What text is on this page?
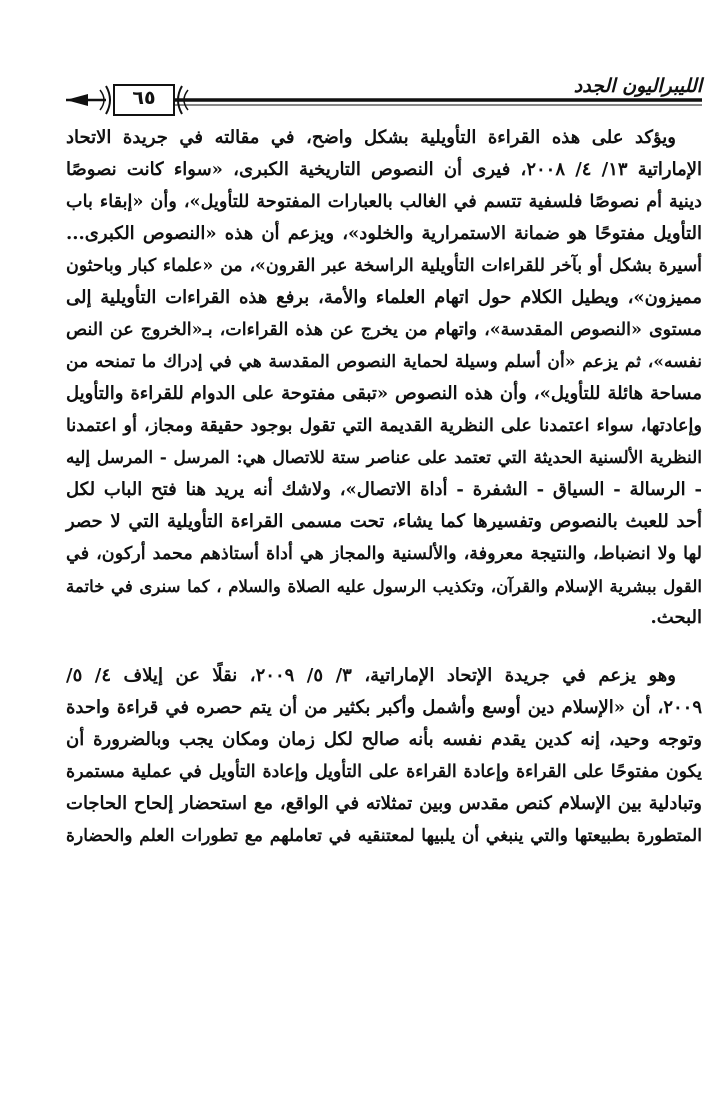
٦٥
الليبراليون الجدد
ويؤكد على هذه القراءة التأويلية بشكل واضح، في مقالته في جريدة الاتحاد
الإماراتية ١٣/ ٤/ ٢٠٠٨، فيرى أن النصوص التاريخية الكبرى، «سواء كانت نصوصًا
دينية أم نصوصًا فلسفية تتسم في الغالب بالعبارات المفتوحة للتأويل»، وأن «إبقاء باب
التأويل مفتوحًا هو ضمانة الاستمرارية والخلود»، ويزعم أن هذه «النصوص الكبرى...
أسيرة بشكل أو بآخر للقراءات التأويلية الراسخة عبر القرون»، من «علماء كبار وباحثون
مميزون»، ويطيل الكلام حول اتهام العلماء والأمة، برفع هذه القراءات التأويلية إلى
مستوى «النصوص المقدسة»، واتهام من يخرج عن هذه القراءات، بـ«الخروج عن النص
نفسه»، ثم يزعم «أن أسلم وسيلة لحماية النصوص المقدسة هي في إدراك ما تمنحه من
مساحة هائلة للتأويل»، وأن هذه النصوص «تبقى مفتوحة على الدوام للقراءة والتأويل
وإعادتها، سواء اعتمدنا على النظرية القديمة التي تقول بوجود حقيقة ومجاز، أو اعتمدنا
النظرية الألسنية الحديثة التي تعتمد على عناصر ستة للاتصال هي: المرسل - المرسل إليه
- الرسالة - السياق - الشفرة - أداة الاتصال»، ولاشك أنه يريد هنا فتح الباب لكل
أحد للعبث بالنصوص وتفسيرها كما يشاء، تحت مسمى القراءة التأويلية التي لا حصر
لها ولا انضباط، والنتيجة معروفة، والألسنية والمجاز هي أداة أستاذهم محمد أركون، في
القول ببشرية الإسلام والقرآن، وتكذيب الرسول عليه الصلاة والسلام ، كما سنرى في خاتمة
البحث.
وهو يزعم في جريدة الإتحاد الإماراتية، ٣/ ٥/ ٢٠٠٩، نقلًا عن إيلاف ٤/ ٥/
٢٠٠٩، أن «الإسلام دين أوسع وأشمل وأكبر بكثير من أن يتم حصره في قراءة واحدة
وتوجه وحيد، إنه كدين يقدم نفسه بأنه صالح لكل زمان ومكان يجب وبالضرورة أن
يكون مفتوحًا على القراءة وإعادة القراءة على التأويل وإعادة التأويل في عملية مستمرة
وتبادلية بين الإسلام كنص مقدس وبين تمثلاته في الواقع، مع استحضار إلحاح الحاجات
المتطورة بطبيعتها والتي ينبغي أن يلبيها لمعتنقيه في تعاملهم مع تطورات العلم والحضارة
